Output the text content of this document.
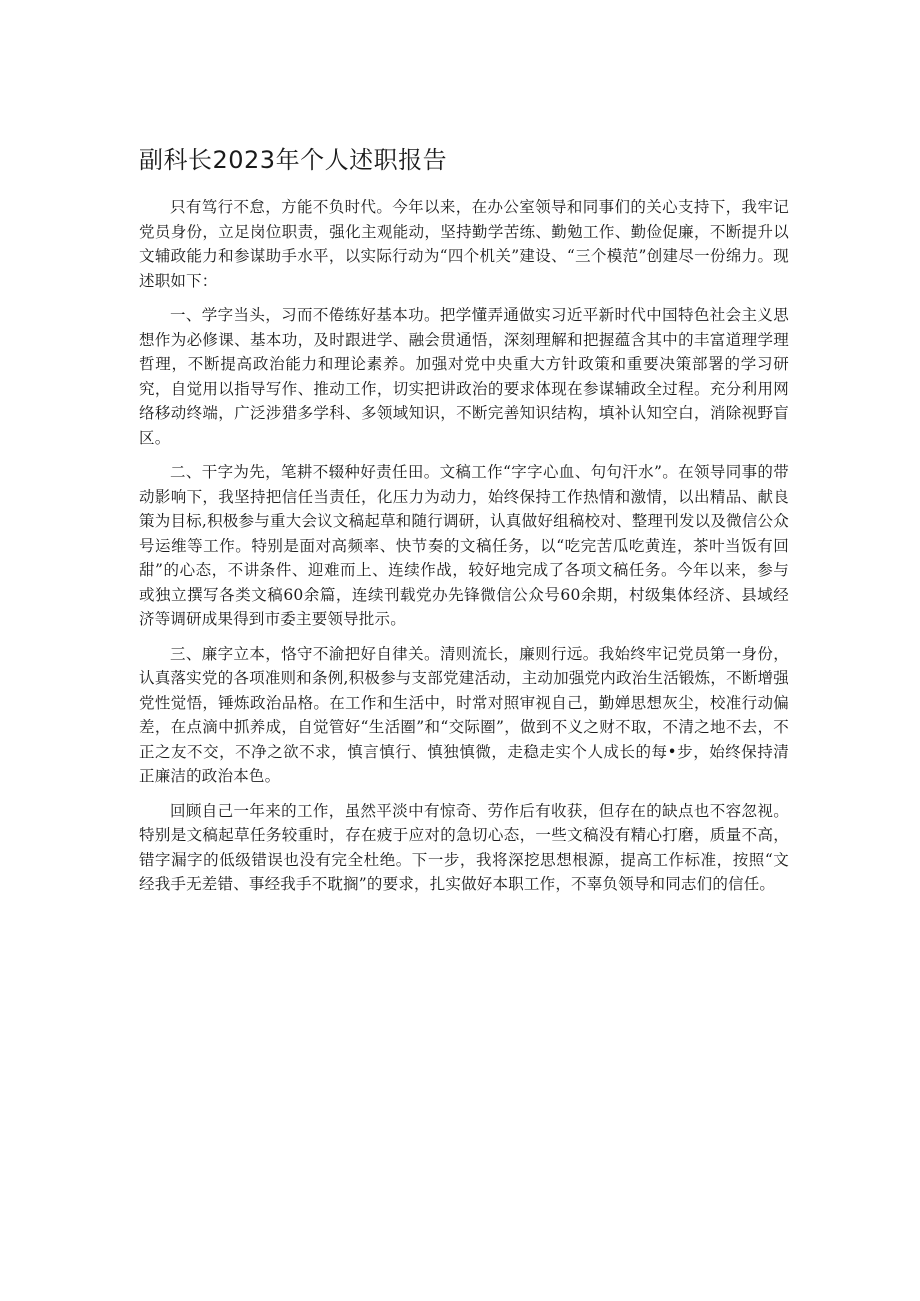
副科长2023年个人述职报告

只有笃行不怠，方能不负时代。今年以来，在办公室领导和同事们的关心支持下，我牢记党员身份，立足岗位职责，强化主观能动，坚持勤学苦练、勤勉工作、勤俭促廉，不断提升以文辅政能力和参谋助手水平，以实际行动为“四个机关”建设、“三个模范”创建尽一份绵力。现述职如下：

一、学字当头，习而不倦练好基本功。把学懂弄通做实习近平新时代中国特色社会主义思想作为必修课、基本功，及时跟进学、融会贯通悟，深刻理解和把握蕴含其中的丰富道理学理哲理，不断提高政治能力和理论素养。加强对党中央重大方针政策和重要决策部署的学习研究，自觉用以指导写作、推动工作，切实把讲政治的要求体现在参谋辅政全过程。充分利用网络移动终端，广泛涉猎多学科、多领域知识，不断完善知识结构，填补认知空白，消除视野盲区。

二、干字为先，笔耕不辍种好责任田。文稿工作“字字心血、句句汗水”。在领导同事的带动影响下，我坚持把信任当责任，化压力为动力，始终保持工作热情和激情，以出精品、献良策为目标,积极参与重大会议文稿起草和随行调研，认真做好组稿校对、整理刊发以及微信公众号运维等工作。特别是面对高频率、快节奏的文稿任务，以“吃完苦瓜吃黄连，茶叶当饭有回甜”的心态，不讲条件、迎难而上、连续作战，较好地完成了各项文稿任务。今年以来，参与或独立撰写各类文稿60余篇，连续刊载党办先锋微信公众号60余期，村级集体经济、县域经济等调研成果得到市委主要领导批示。

三、廉字立本，恪守不渝把好自律关。清则流长，廉则行远。我始终牢记党员第一身份，认真落实党的各项准则和条例,积极参与支部党建活动，主动加强党内政治生活锻炼，不断增强党性觉悟，锤炼政治品格。在工作和生活中，时常对照审视自己，勤婵思想灰尘，校准行动偏差，在点滴中抓养成，自觉管好“生活圈”和“交际圈”，做到不义之财不取，不清之地不去，不正之友不交，不净之欲不求，慎言慎行、慎独慎微，走稳走实个人成长的每•步，始终保持清正廉洁的政治本色。

回顾自己一年来的工作，虽然平淡中有惊奇、劳作后有收获，但存在的缺点也不容忽视。特别是文稿起草任务较重时，存在疲于应对的急切心态，一些文稿没有精心打磨，质量不高，错字漏字的低级错误也没有完全杜绝。下一步，我将深挖思想根源，提高工作标准，按照“文经我手无差错、事经我手不耽搁”的要求，扎实做好本职工作，不辜负领导和同志们的信任。
